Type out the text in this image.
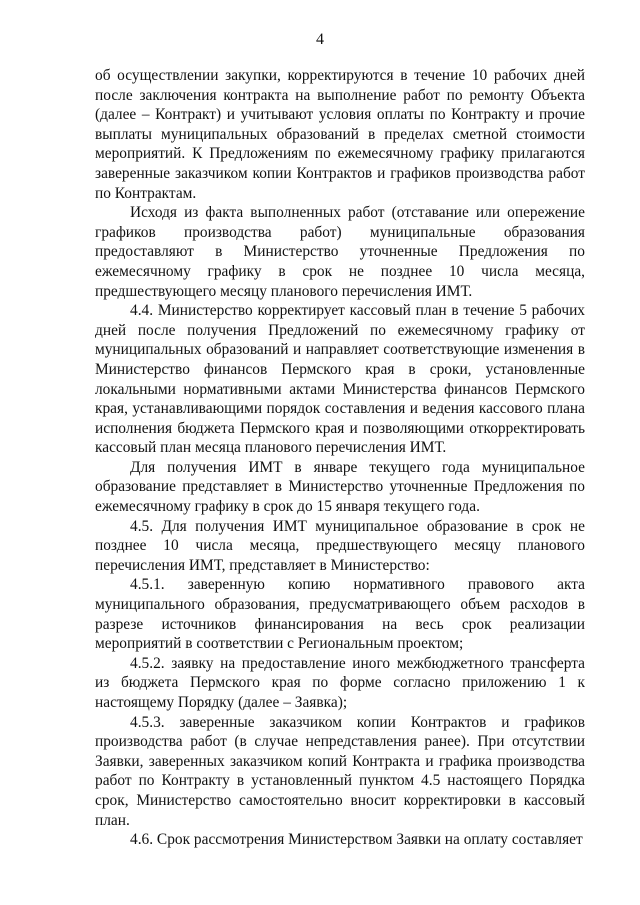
4

об осуществлении закупки, корректируются в течение 10 рабочих дней после заключения контракта на выполнение работ по ремонту Объекта (далее – Контракт) и учитывают условия оплаты по Контракту и прочие выплаты муниципальных образований в пределах сметной стоимости мероприятий. К Предложениям по ежемесячному графику прилагаются заверенные заказчиком копии Контрактов и графиков производства работ по Контрактам.

Исходя из факта выполненных работ (отставание или опережение графиков производства работ) муниципальные образования предоставляют в Министерство уточненные Предложения по ежемесячному графику в срок не позднее 10 числа месяца, предшествующего месяцу планового перечисления ИМТ.

4.4. Министерство корректирует кассовый план в течение 5 рабочих дней после получения Предложений по ежемесячному графику от муниципальных образований и направляет соответствующие изменения в Министерство финансов Пермского края в сроки, установленные локальными нормативными актами Министерства финансов Пермского края, устанавливающими порядок составления и ведения кассового плана исполнения бюджета Пермского края и позволяющими откорректировать кассовый план месяца планового перечисления ИМТ.

Для получения ИМТ в январе текущего года муниципальное образование представляет в Министерство уточненные Предложения по ежемесячному графику в срок до 15 января текущего года.

4.5. Для получения ИМТ муниципальное образование в срок не позднее 10 числа месяца, предшествующего месяцу планового перечисления ИМТ, представляет в Министерство:

4.5.1. заверенную копию нормативного правового акта муниципального образования, предусматривающего объем расходов в разрезе источников финансирования на весь срок реализации мероприятий в соответствии с Региональным проектом;

4.5.2. заявку на предоставление иного межбюджетного трансферта из бюджета Пермского края по форме согласно приложению 1 к настоящему Порядку (далее – Заявка);

4.5.3. заверенные заказчиком копии Контрактов и графиков производства работ (в случае непредставления ранее). При отсутствии Заявки, заверенных заказчиком копий Контракта и графика производства работ по Контракту в установленный пунктом 4.5 настоящего Порядка срок, Министерство самостоятельно вносит корректировки в кассовый план.

4.6. Срок рассмотрения Министерством Заявки на оплату составляет
